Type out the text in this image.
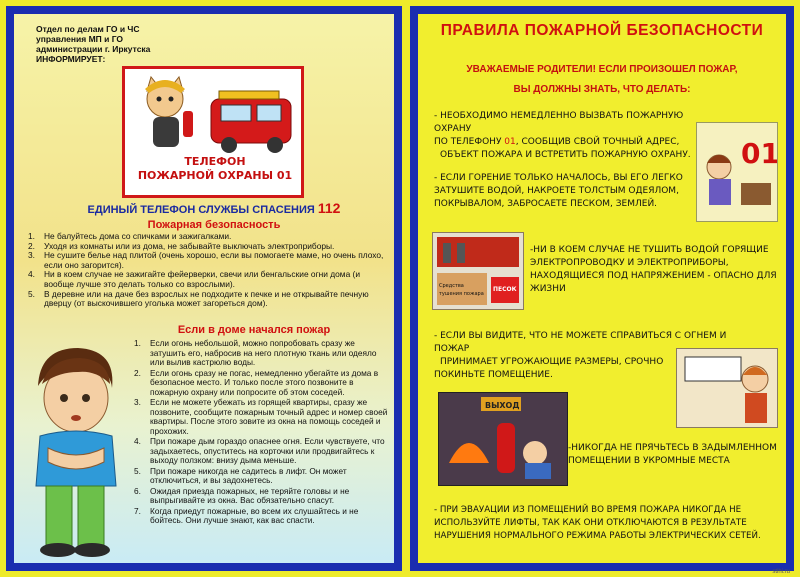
Отдел по делам ГО и ЧС
управления МП и ГО
администрации г. Иркутска
ИНФОРМИРУЕТ:
ТЕЛЕФОН
ПОЖАРНОЙ ОХРАНЫ 01
ЕДИНЫЙ ТЕЛЕФОН СЛУЖБЫ СПАСЕНИЯ 112
Пожарная безопасность
1. Не балуйтесь дома со спичками и зажигалками.
2. Уходя из комнаты или из дома, не забывайте выключать электроприборы.
3. Не сушите белье над плитой (очень хорошо, если вы помогаете маме, но очень плохо, если оно загорится).
4. Ни в коем случае не зажигайте фейерверки, свечи или бенгальские огни дома (и вообще лучше это делать только со взрослыми).
5. В деревне или на даче без взрослых не подходите к печке и не открывайте печную дверцу (от выскочившего уголька может загореться дом).
Если в доме начался пожар
1. Если огонь небольшой, можно попробовать сразу же затушить его, набросив на него плотную ткань или одеяло или вылив кастрюлю воды.
2. Если огонь сразу не погас, немедленно убегайте из дома в безопасное место. И только после этого позвоните в пожарную охрану или попросите об этом соседей.
3. Если не можете убежать из горящей квартиры, сразу же позвоните, сообщите пожарным точный адрес и номер своей квартиры. После этого зовите из окна на помощь соседей и прохожих.
4. При пожаре дым гораздо опаснее огня. Если чувствуете, что задыхаетесь, опуститесь на корточки или продвигайтесь к выходу ползком: внизу дыма меньше.
5. При пожаре никогда не садитесь в лифт. Он может отключиться, и вы задохнетесь.
6. Ожидая приезда пожарных, не теряйте головы и не выпрыгивайте из окна. Вас обязательно спасут.
7. Когда приедут пожарные, во всем их слушайтесь и не бойтесь. Они лучше знают, как вас спасти.
ПРАВИЛА ПОЖАРНОЙ БЕЗОПАСНОСТИ
УВАЖАЕМЫЕ РОДИТЕЛИ! ЕСЛИ ПРОИЗОШЕЛ ПОЖАР,
ВЫ ДОЛЖНЫ ЗНАТЬ, ЧТО ДЕЛАТЬ:
- НЕОБХОДИМО НЕМЕДЛЕННО ВЫЗВАТЬ ПОЖАРНУЮ ОХРАНУ
ПО ТЕЛЕФОНУ 01, СООБЩИВ СВОЙ ТОЧНЫЙ АДРЕС,
ОБЪЕКТ ПОЖАРА И ВСТРЕТИТЬ ПОЖАРНУЮ ОХРАНУ.	01
- ЕСЛИ ГОРЕНИЕ ТОЛЬКО НАЧАЛОСЬ, ВЫ ЕГО ЛЕГКО
ЗАТУШИТЕ ВОДОЙ, НАКРОЕТЕ ТОЛСТЫМ ОДЕЯЛОМ,
ПОКРЫВАЛОМ, ЗАБРОСАЕТЕ ПЕСКОМ, ЗЕМЛЕЙ.
Средства
тушения пожара
ПЕСОК
-НИ В КОЕМ СЛУЧАЕ НЕ ТУШИТЬ ВОДОЙ ГОРЯЩИЕ
ЭЛЕКТРОПРОВОДКУ И ЭЛЕКТРОПРИБОРЫ,
НАХОДЯЩИЕСЯ ПОД НАПРЯЖЕНИЕМ - ОПАСНО ДЛЯ
ЖИЗНИ
- ЕСЛИ ВЫ ВИДИТЕ, ЧТО НЕ МОЖЕТЕ СПРАВИТЬСЯ С ОГНЕМ И ПОЖАР
ПРИНИМАЕТ УГРОЖАЮЩИЕ РАЗМЕРЫ, СРОЧНО
ПОКИНЬТЕ ПОМЕЩЕНИЕ.
ВЫХОД
-НИКОГДА НЕ ПРЯЧЬТЕСЬ В ЗАДЫМЛЕННОМ
ПОМЕЩЕНИИ В УКРОМНЫЕ МЕСТА
- ПРИ ЭВАУАЦИИ ИЗ ПОМЕЩЕНИЙ ВО ВРЕМЯ ПОЖАРА НИКОГДА НЕ
ИСПОЛЬЗУЙТЕ ЛИФТЫ, ТАК КАК ОНИ ОТКЛЮЧАЮТСЯ В РЕЗУЛЬТАТЕ
НАРУШЕНИЯ НОРМАЛЬНОГО РЕЖИМА РАБОТЫ ЭЛЕКТРИЧЕСКИХ СЕТЕЙ.
stihi.ru
